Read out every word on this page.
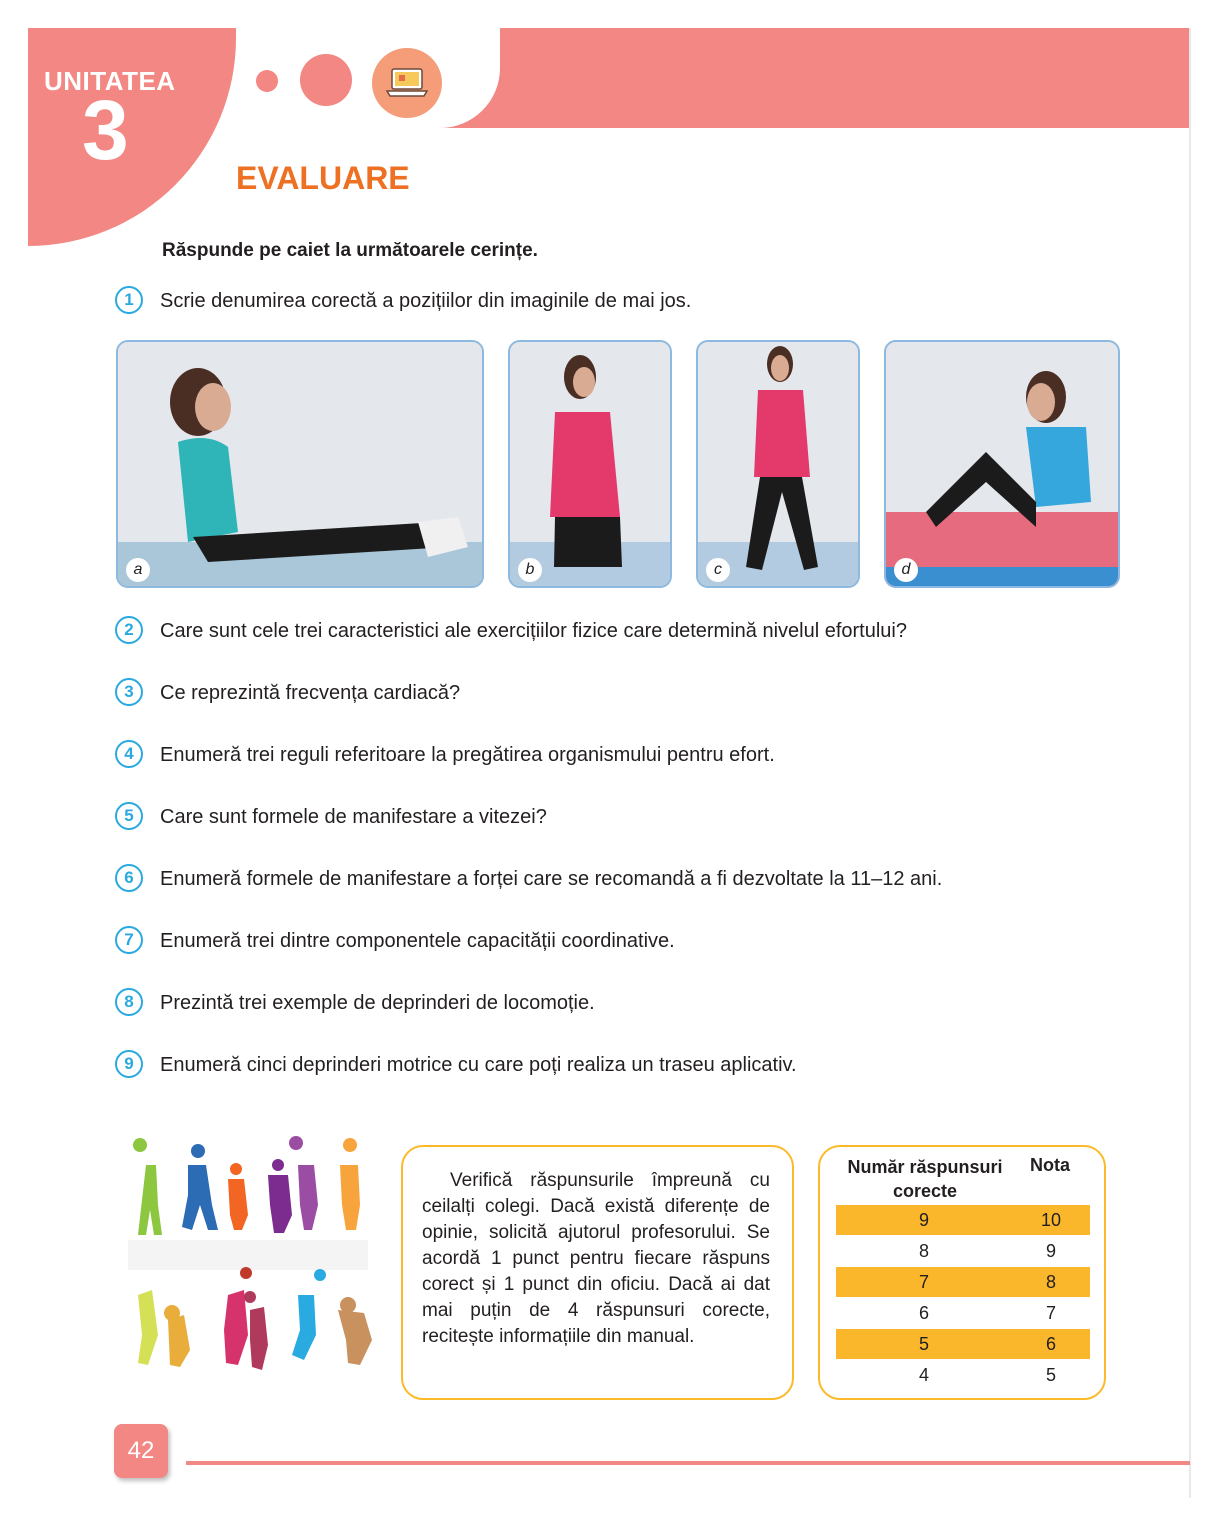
UNITATEA
3
EVALUARE
Răspunde pe caiet la următoarele cerințe.
1	Scrie denumirea corectă a pozițiilor din imaginile de mai jos.
a	b	c	d
2	Care sunt cele trei caracteristici ale exercițiilor fizice care determină nivelul efortului?
3	Ce reprezintă frecvența cardiacă?
4	Enumeră trei reguli referitoare la pregătirea organismului pentru efort.
5	Care sunt formele de manifestare a vitezei?
6	Enumeră formele de manifestare a forței care se recomandă a fi dezvoltate la 11–12 ani.
7	Enumeră trei dintre componentele capacității coordinative.
8	Prezintă trei exemple de deprinderi de locomoție.
9	Enumeră cinci deprinderi motrice cu care poți realiza un traseu aplicativ.
Verifică răspunsurile împreună cu ceilalți colegi. Dacă există diferențe de opinie, solicită ajutorul profesorului. Se acordă 1 punct pentru fiecare răspuns corect și 1 punct din oficiu. Dacă ai dat mai puțin de 4 răspunsuri corecte, recitește informațiile din manual.
Număr răspunsuri corecte
Nota
9	10
8	9
7	8
6	7
5	6
4	5
42
